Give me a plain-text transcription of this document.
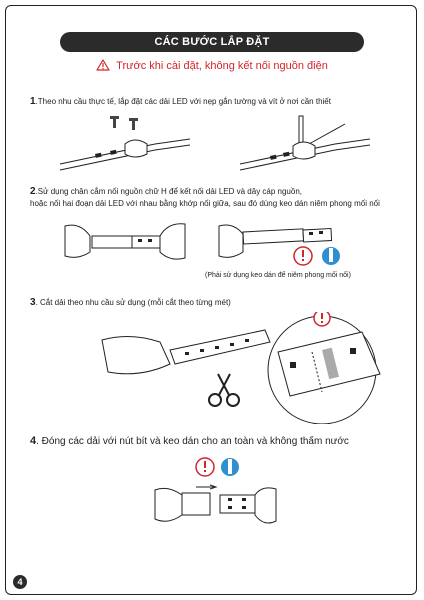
CÁC BƯỚC LẮP ĐẶT
Trước khi cài đặt, không kết nối nguồn điện
1.Theo nhu cầu thực tế, lắp đặt các dải LED với nẹp gắn tường và vít ở nơi cần thiết
2.Sử dụng chân cắm nối nguồn chữ H để kết nối dải LED và dây cáp nguồn,
hoặc nối hai đoạn dải LED với nhau bằng khớp nối giữa, sau đó dùng keo dán niêm phong mối nối
(Phải sử dụng keo dán để niêm phong mối nối)
3. Cắt dải theo nhu cầu sử dụng (mỗi cắt theo từng mét)
4. Đóng các dải với nút bít và keo dán cho an toàn và không thấm nước
4
